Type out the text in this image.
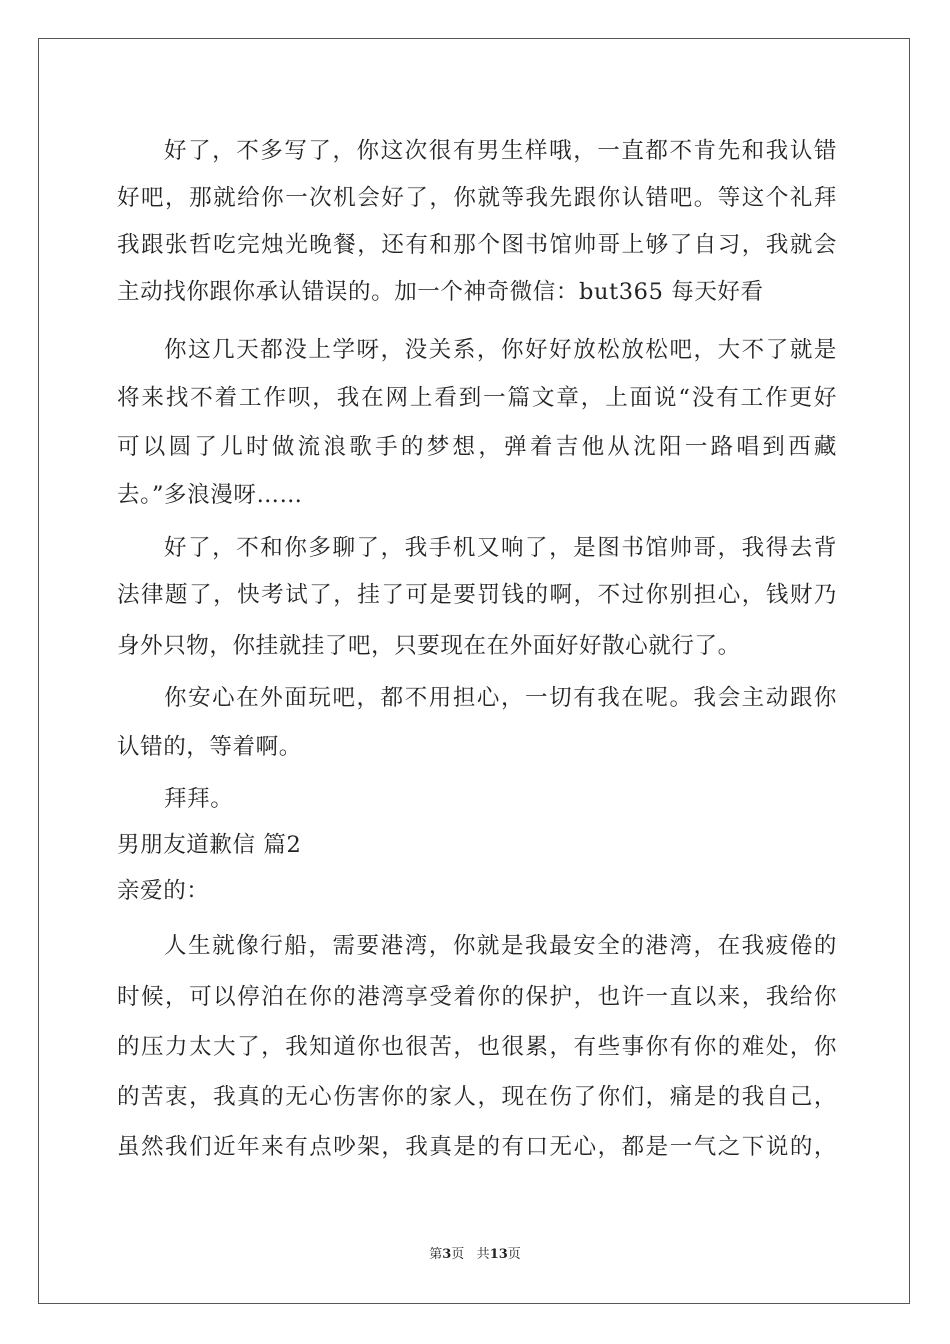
好了，不多写了，你这次很有男生样哦，一直都不肯先和我认错
好吧，那就给你一次机会好了，你就等我先跟你认错吧。等这个礼拜
我跟张哲吃完烛光晚餐，还有和那个图书馆帅哥上够了自习，我就会
主动找你跟你承认错误的。加一个神奇微信：but365 每天好看
你这几天都没上学呀，没关系，你好好放松放松吧，大不了就是
将来找不着工作呗，我在网上看到一篇文章，上面说“没有工作更好
可以圆了儿时做流浪歌手的梦想，弹着吉他从沈阳一路唱到西藏
去。”多浪漫呀……
好了，不和你多聊了，我手机又响了，是图书馆帅哥，我得去背
法律题了，快考试了，挂了可是要罚钱的啊，不过你别担心，钱财乃
身外只物，你挂就挂了吧，只要现在在外面好好散心就行了。
你安心在外面玩吧，都不用担心，一切有我在呢。我会主动跟你
认错的，等着啊。
拜拜。
男朋友道歉信 篇2
亲爱的：
人生就像行船，需要港湾，你就是我最安全的港湾，在我疲倦的
时候，可以停泊在你的港湾享受着你的保护，也许一直以来，我给你
的压力太大了，我知道你也很苦，也很累，有些事你有你的难处，你
的苦衷，我真的无心伤害你的家人，现在伤了你们，痛是的我自己，
虽然我们近年来有点吵架，我真是的有口无心，都是一气之下说的，
第3页 共13页
